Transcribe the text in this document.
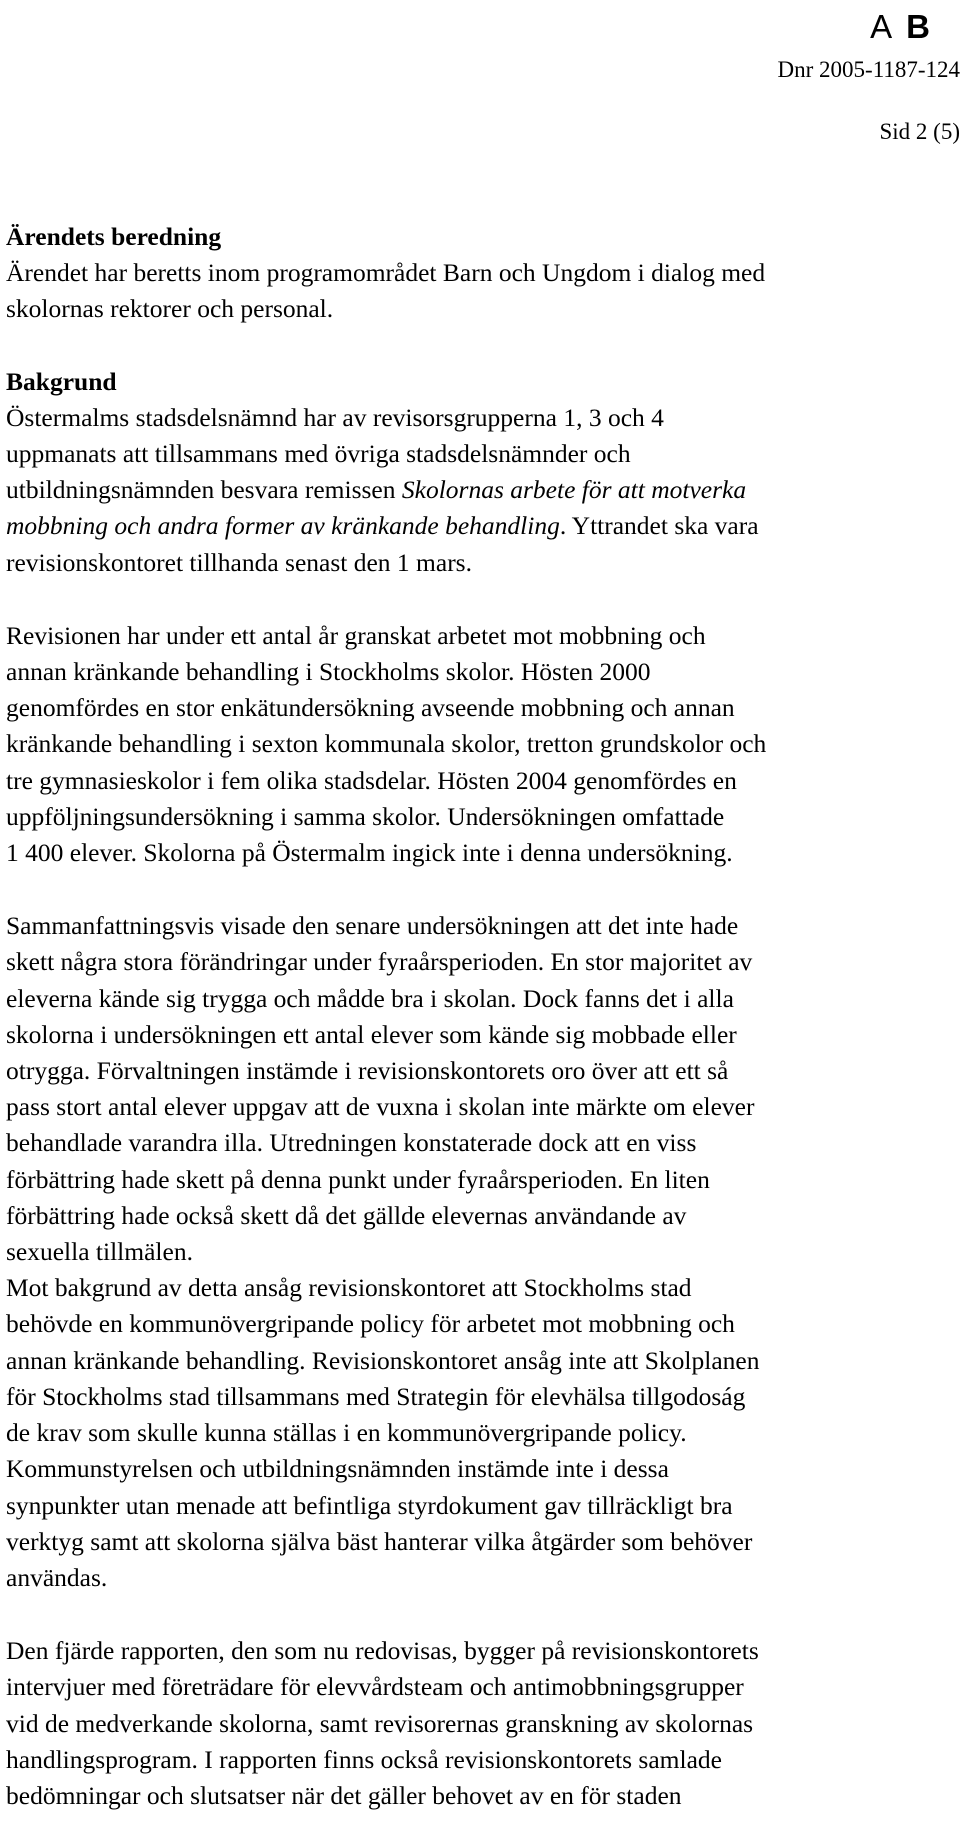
A B
Dnr 2005-1187-124
Sid 2 (5)
Ärendets beredning
Ärendet har beretts inom programområdet Barn och Ungdom i dialog med
skolornas rektorer och personal.
Bakgrund
Östermalms stadsdelsnämnd har av revisorsgrupperna 1, 3 och 4
uppmanats att tillsammans med övriga stadsdelsnämnder och
utbildningsnämnden besvara remissen Skolornas arbete för att motverka
mobbning och andra former av kränkande behandling. Yttrandet ska vara
revisionskontoret tillhanda senast den 1 mars.
Revisionen har under ett antal år granskat arbetet mot mobbning och
annan kränkande behandling i Stockholms skolor. Hösten 2000
genomfördes en stor enkätundersökning avseende mobbning och annan
kränkande behandling i sexton kommunala skolor, tretton grundskolor och
tre gymnasieskolor i fem olika stadsdelar. Hösten 2004 genomfördes en
uppföljningsundersökning i samma skolor. Undersökningen omfattade
1 400 elever. Skolorna på Östermalm ingick inte i denna undersökning.
Sammanfattningsvis visade den senare undersökningen att det inte hade
skett några stora förändringar under fyraårsperioden. En stor majoritet av
eleverna kände sig trygga och mådde bra i skolan. Dock fanns det i alla
skolorna i undersökningen ett antal elever som kände sig mobbade eller
otrygga. Förvaltningen instämde i revisionskontorets oro över att ett så
pass stort antal elever uppgav att de vuxna i skolan inte märkte om elever
behandlade varandra illa. Utredningen konstaterade dock att en viss
förbättring hade skett på denna punkt under fyraårsperioden. En liten
förbättring hade också skett då det gällde elevernas användande av
sexuella tillmälen.
Mot bakgrund av detta ansåg revisionskontoret att Stockholms stad
behövde en kommunövergripande policy för arbetet mot mobbning och
annan kränkande behandling. Revisionskontoret ansåg inte att Skolplanen
för Stockholms stad tillsammans med Strategin för elevhälsa tillgodoság
de krav som skulle kunna ställas i en kommunövergripande policy.
Kommunstyrelsen och utbildningsnämnden instämde inte i dessa
synpunkter utan menade att befintliga styrdokument gav tillräckligt bra
verktyg samt att skolorna själva bäst hanterar vilka åtgärder som behöver
användas.
Den fjärde rapporten, den som nu redovisas, bygger på revisionskontorets
intervjuer med företrädare för elevvårdsteam och antimobbningsgrupper
vid de medverkande skolorna, samt revisorernas granskning av skolornas
handlingsprogram. I rapporten finns också revisionskontorets samlade
bedömningar och slutsatser när det gäller behovet av en för staden
